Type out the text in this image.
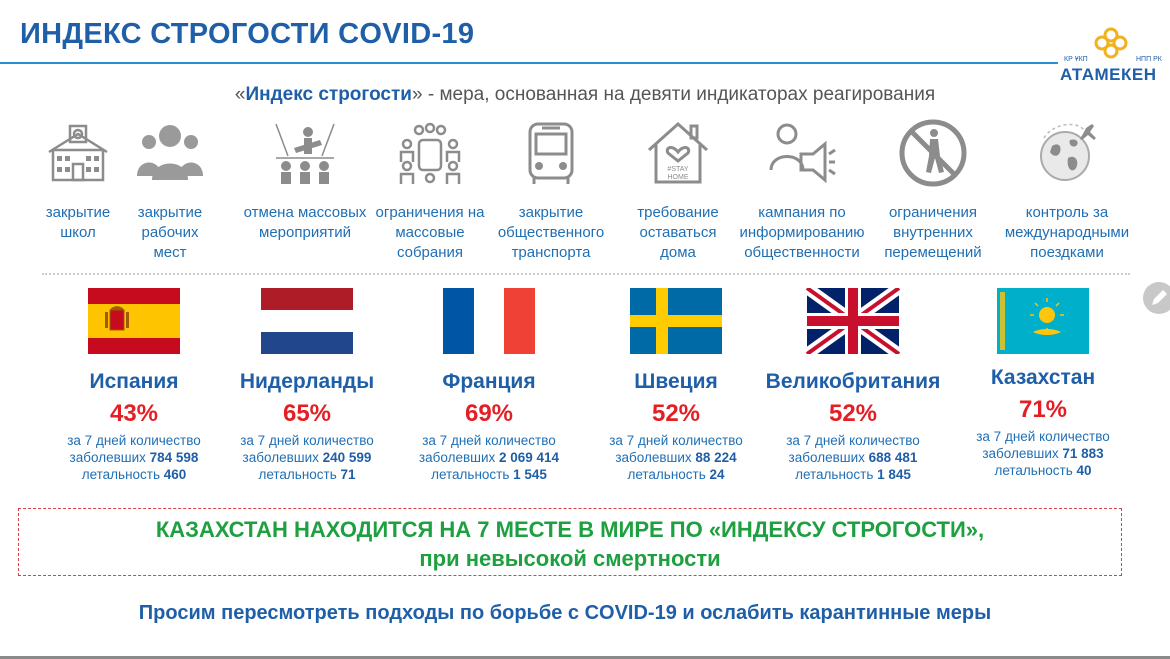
ИНДЕКС СТРОГОСТИ COVID-19
КР ҰКП	НПП РК
АТАМЕКЕН
«Индекс строгости» - мера, основанная на девяти индикаторах реагирования
закрытие школ
закрытие рабочих мест
отмена массовых мероприятий
ограничения на массовые собрания
закрытие общественного транспорта
#STAY
HOME
требование оставаться дома
кампания по информированию общественности
ограничения внутренних перемещений
контроль за международными поездками
Испания
43%
за 7 дней количество
заболевших 784 598
летальность 460
Нидерланды
65%
за 7 дней количество
заболевших 240 599
летальность 71
Франция
69%
за 7 дней количество
заболевших 2 069 414
летальность 1 545
Швеция
52%
за 7 дней количество
заболевших 88 224
летальность 24
Великобритания
52%
за 7 дней количество
заболевших 688 481
летальность 1 845
Казахстан
71%
за 7 дней количество
заболевших 71 883
летальность 40
КАЗАХСТАН НАХОДИТСЯ НА 7 МЕСТЕ В МИРЕ ПО «ИНДЕКСУ СТРОГОСТИ»,
при невысокой смертности
Просим пересмотреть подходы по борьбе с COVID-19 и ослабить карантинные меры
